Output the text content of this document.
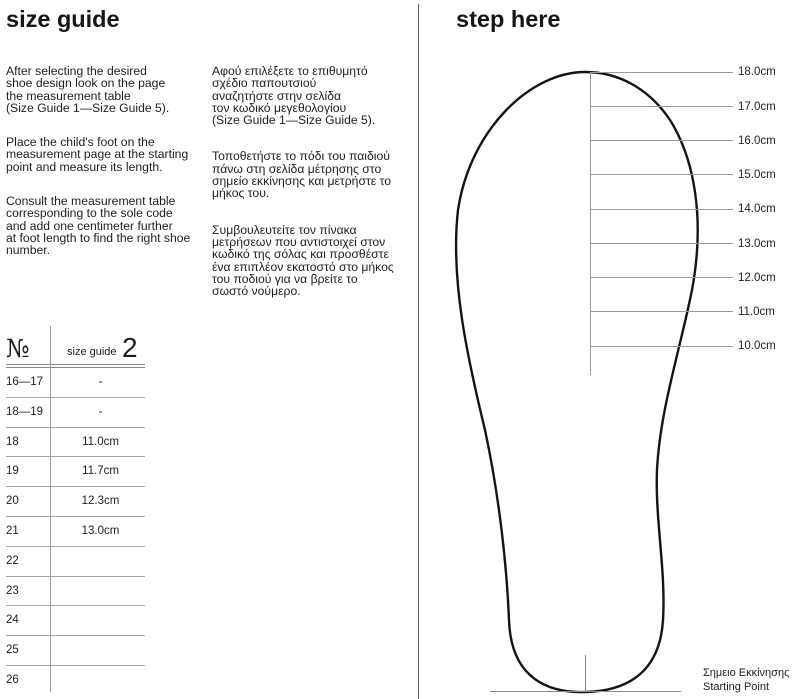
size guide

After selecting the desired
shoe design look on the page
the measurement table
(Size Guide 1—Size Guide 5).

Place the child's foot on the
measurement page at the starting
point and measure its length.

Consult the measurement table
corresponding to the sole code
and add one centimeter further
at foot length to find the right shoe
number.

Αφού επιλέξετε το επιθυμητό
σχέδιο παπουτσιού
αναζητήστε στην σελίδα
τον κωδικό μεγεθολογίου
(Size Guide 1—Size Guide 5).

Τοποθετήστε το πόδι του παιδιού
πάνω στη σελίδα μέτρησης στο
σημείο εκκίνησης και μετρήστε το
μήκος του.

Συμβουλευτείτε τον πίνακα
μετρήσεων που αντιστοιχεί στον
κωδικό της σόλας και προσθέστε
ένα επιπλέον εκατοστό στο μήκος
του ποδιού για να βρείτε το
σωστό νούμερο.

№	size guide 2
16—17	-
18—19	-
18	11.0cm
19	11.7cm
20	12.3cm
21	13.0cm
22
23
24
25
26
step here
18.0cm
17.0cm
16.0cm
15.0cm
14.0cm
13.0cm
12.0cm
11.0cm
10.0cm
Σημειο Εκκίνησης
Starting Point
